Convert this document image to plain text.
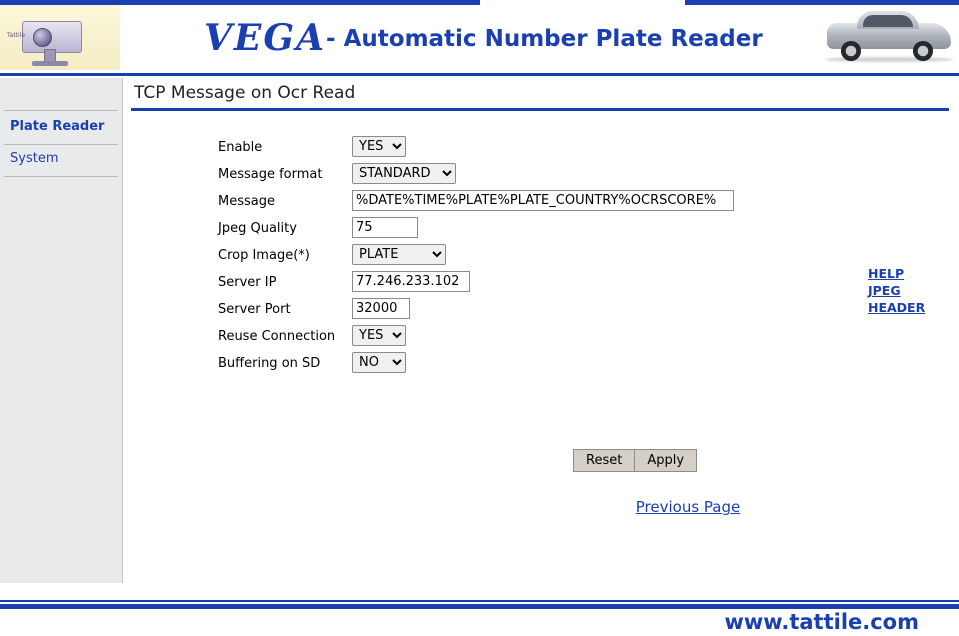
Tattile	VEGA- Automatic Number Plate Reader
Plate Reader
System
TCP Message on Ocr Read
Enable
YES
Message format
STANDARD
Message
%DATE%TIME%PLATE%PLATE_COUNTRY%OCRSCORE%
Jpeg Quality
75
Crop Image(*)
PLATE
Server IP
77.246.233.102
Server Port
32000
Reuse Connection
YES
Buffering on SD
NO
HELP
JPEG
HEADER
Reset Apply
Previous Page
www.tattile.com
